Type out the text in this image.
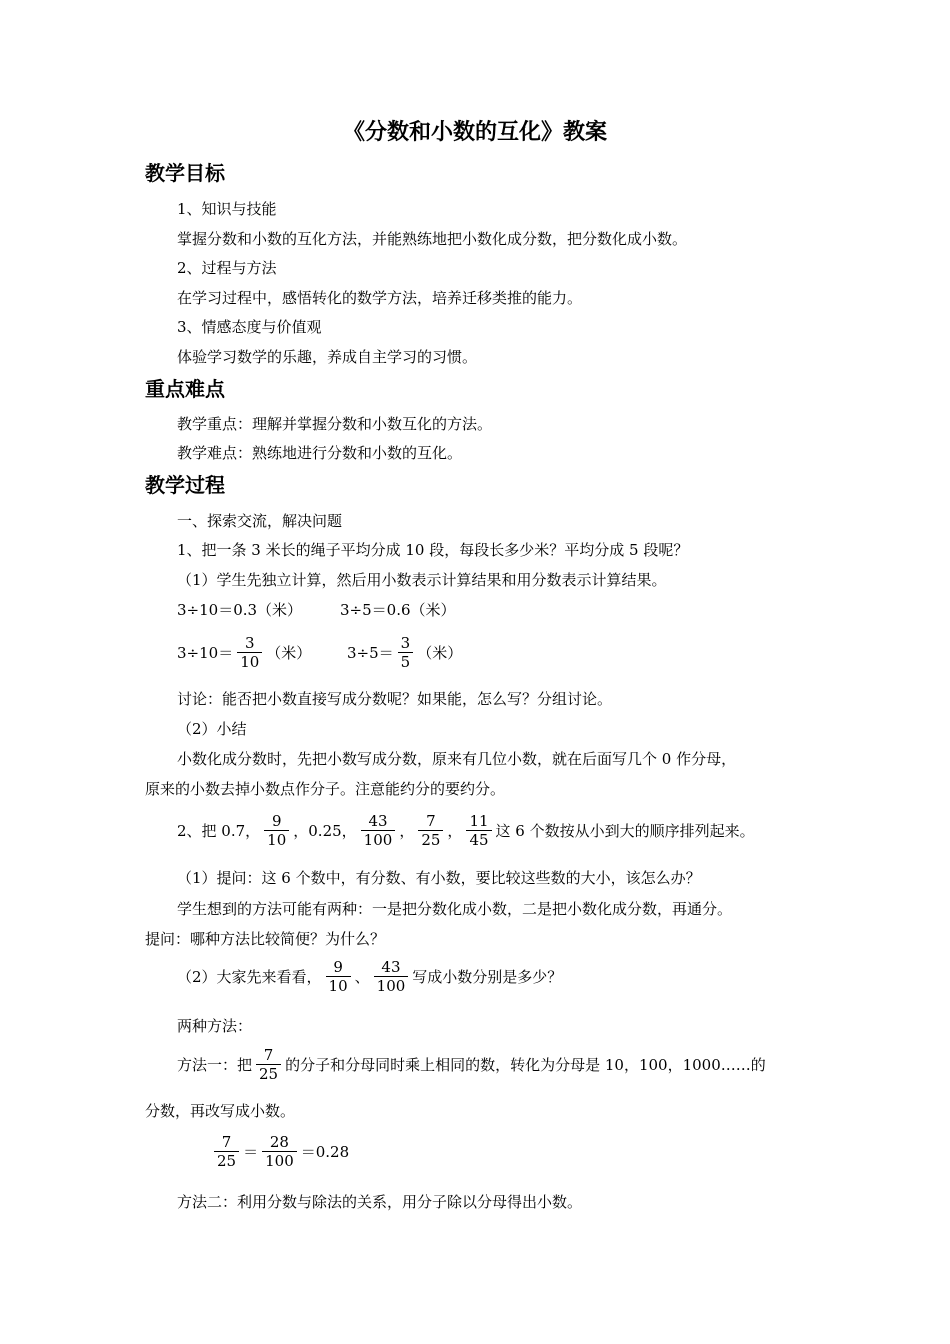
《分数和小数的互化》教案
教学目标
1、知识与技能
掌握分数和小数的互化方法，并能熟练地把小数化成分数，把分数化成小数。
2、过程与方法
在学习过程中，感悟转化的数学方法，培养迁移类推的能力。
3、情感态度与价值观
体验学习数学的乐趣，养成自主学习的习惯。
重点难点
教学重点：理解并掌握分数和小数互化的方法。
教学难点：熟练地进行分数和小数的互化。
教学过程
一、探索交流，解决问题
1、把一条 3 米长的绳子平均分成 10 段，每段长多少米？平均分成 5 段呢？
（1）学生先独立计算，然后用小数表示计算结果和用分数表示计算结果。
3÷10＝0.3（米）	3÷5＝0.6（米）
$3\div 10= \frac{3}{10}$ （米） $3\div 5= \frac{3}{5}$ （米）
讨论：能否把小数直接写成分数呢？如果能，怎么写？分组讨论。
（2）小结
小数化成分数时，先把小数写成分数，原来有几位小数，就在后面写几个 0 作分母，
原来的小数去掉小数点作分子。注意能约分的要约分。
2、把 0.7， $\frac{9}{10}$ ，0.25， $\frac{43}{100}$ ， $\frac{7}{25}$ ， $\frac{11}{45}$ 这 6 个数按从小到大的顺序排列起来。
（1）提问：这 6 个数中，有分数、有小数，要比较这些数的大小，该怎么办？
学生想到的方法可能有两种：一是把分数化成小数，二是把小数化成分数，再通分。
提问：哪种方法比较简便？为什么？
（2）大家先来看看， $\frac{9}{10}$ 、 $\frac{43}{100}$ 写成小数分别是多少？
两种方法：
方法一：把 $\frac{7}{25}$ 的分子和分母同时乘上相同的数，转化为分母是 10，100，1000……的
分数，再改写成小数。
$\frac{7}{25} = \frac{28}{100} =0.28$
方法二：利用分数与除法的关系，用分子除以分母得出小数。
